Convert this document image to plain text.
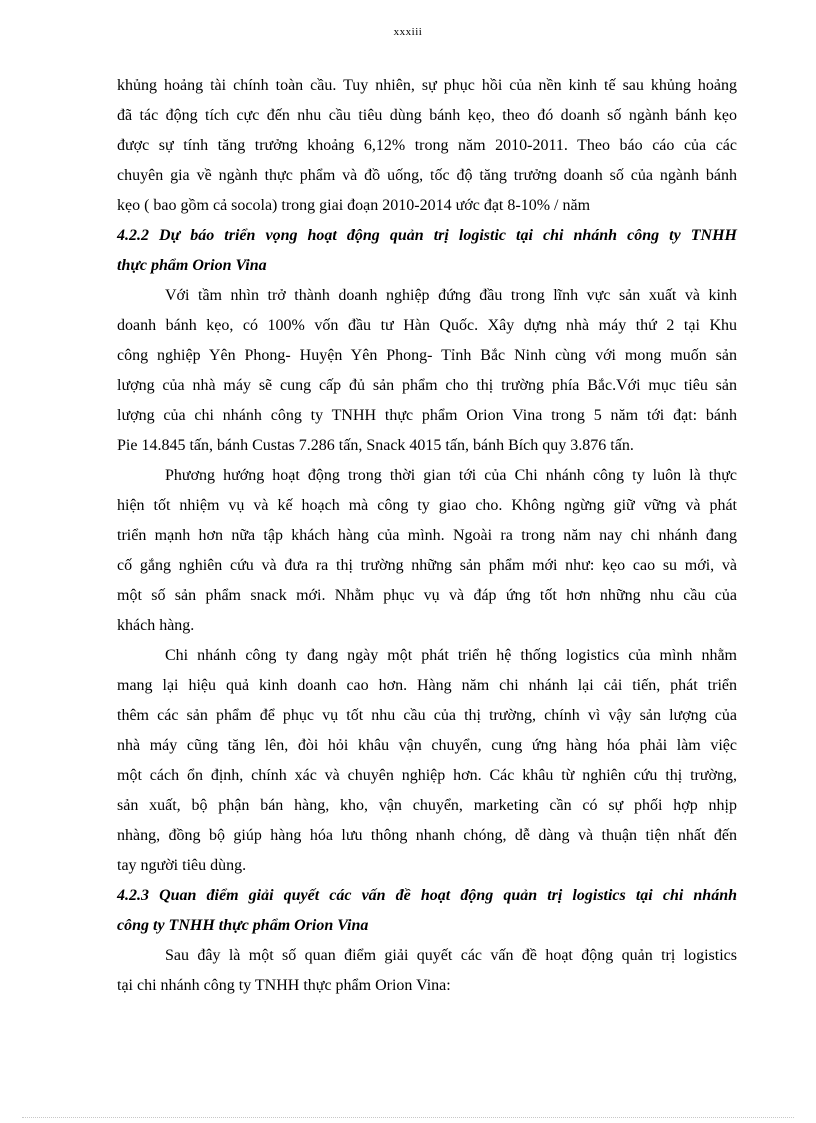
xxxiii
khủng hoảng tài chính toàn cầu. Tuy nhiên, sự phục hồi của nền kinh tế sau khủng hoảng
đã tác động tích cực đến nhu cầu tiêu dùng bánh kẹo, theo đó doanh số ngành bánh kẹo
được sự tính tăng trưởng khoảng 6,12% trong năm 2010-2011. Theo báo cáo của các
chuyên gia về ngành thực phẩm và đồ uống, tốc độ tăng trưởng doanh số của ngành bánh
kẹo ( bao gồm cả socola) trong giai đoạn 2010-2014 ước đạt 8-10% / năm
4.2.2 Dự báo triển vọng hoạt động quản trị logistic tại chi nhánh công ty TNHH
thực phẩm Orion Vina
Với tầm nhìn trở thành doanh nghiệp đứng đầu trong lĩnh vực sản xuất và kinh
doanh bánh kẹo, có 100% vốn đầu tư Hàn Quốc. Xây dựng nhà máy thứ 2 tại Khu
công nghiệp Yên Phong- Huyện Yên Phong- Tỉnh Bắc Ninh cùng với mong muốn sản
lượng của nhà máy sẽ cung cấp đủ sản phẩm cho thị trường phía Bắc.Với mục tiêu sản
lượng của chi nhánh công ty TNHH thực phẩm Orion Vina trong 5 năm tới đạt: bánh
Pie 14.845 tấn, bánh Custas 7.286 tấn, Snack 4015 tấn, bánh Bích quy 3.876 tấn.
Phương hướng hoạt động trong thời gian tới của Chi nhánh công ty luôn là thực
hiện tốt nhiệm vụ và kế hoạch mà công ty giao cho. Không ngừng giữ vững và phát
triển mạnh hơn nữa tập khách hàng của mình. Ngoài ra trong năm nay chi nhánh đang
cố gắng nghiên cứu và đưa ra thị trường những sản phẩm mới như: kẹo cao su mới, và
một số sản phẩm snack mới. Nhằm phục vụ và đáp ứng tốt hơn những nhu cầu của
khách hàng.
Chi nhánh công ty đang ngày một phát triển hệ thống logistics của mình nhằm
mang lại hiệu quả kinh doanh cao hơn. Hàng năm chi nhánh lại cải tiến, phát triển
thêm các sản phẩm để phục vụ tốt nhu cầu của thị trường, chính vì vậy sản lượng của
nhà máy cũng tăng lên, đòi hỏi khâu vận chuyển, cung ứng hàng hóa phải làm việc
một cách ổn định, chính xác và chuyên nghiệp hơn. Các khâu từ nghiên cứu thị trường,
sản xuất, bộ phận bán hàng, kho, vận chuyển, marketing cần có sự phối hợp nhịp
nhàng, đồng bộ giúp hàng hóa lưu thông nhanh chóng, dễ dàng và thuận tiện nhất đến
tay người tiêu dùng.
4.2.3 Quan điểm giải quyết các vấn đề hoạt động quản trị logistics tại chi nhánh
công ty TNHH thực phẩm Orion Vina
Sau đây là một số quan điểm giải quyết các vấn đề hoạt động quản trị logistics
tại chi nhánh công ty TNHH thực phẩm Orion Vina:
